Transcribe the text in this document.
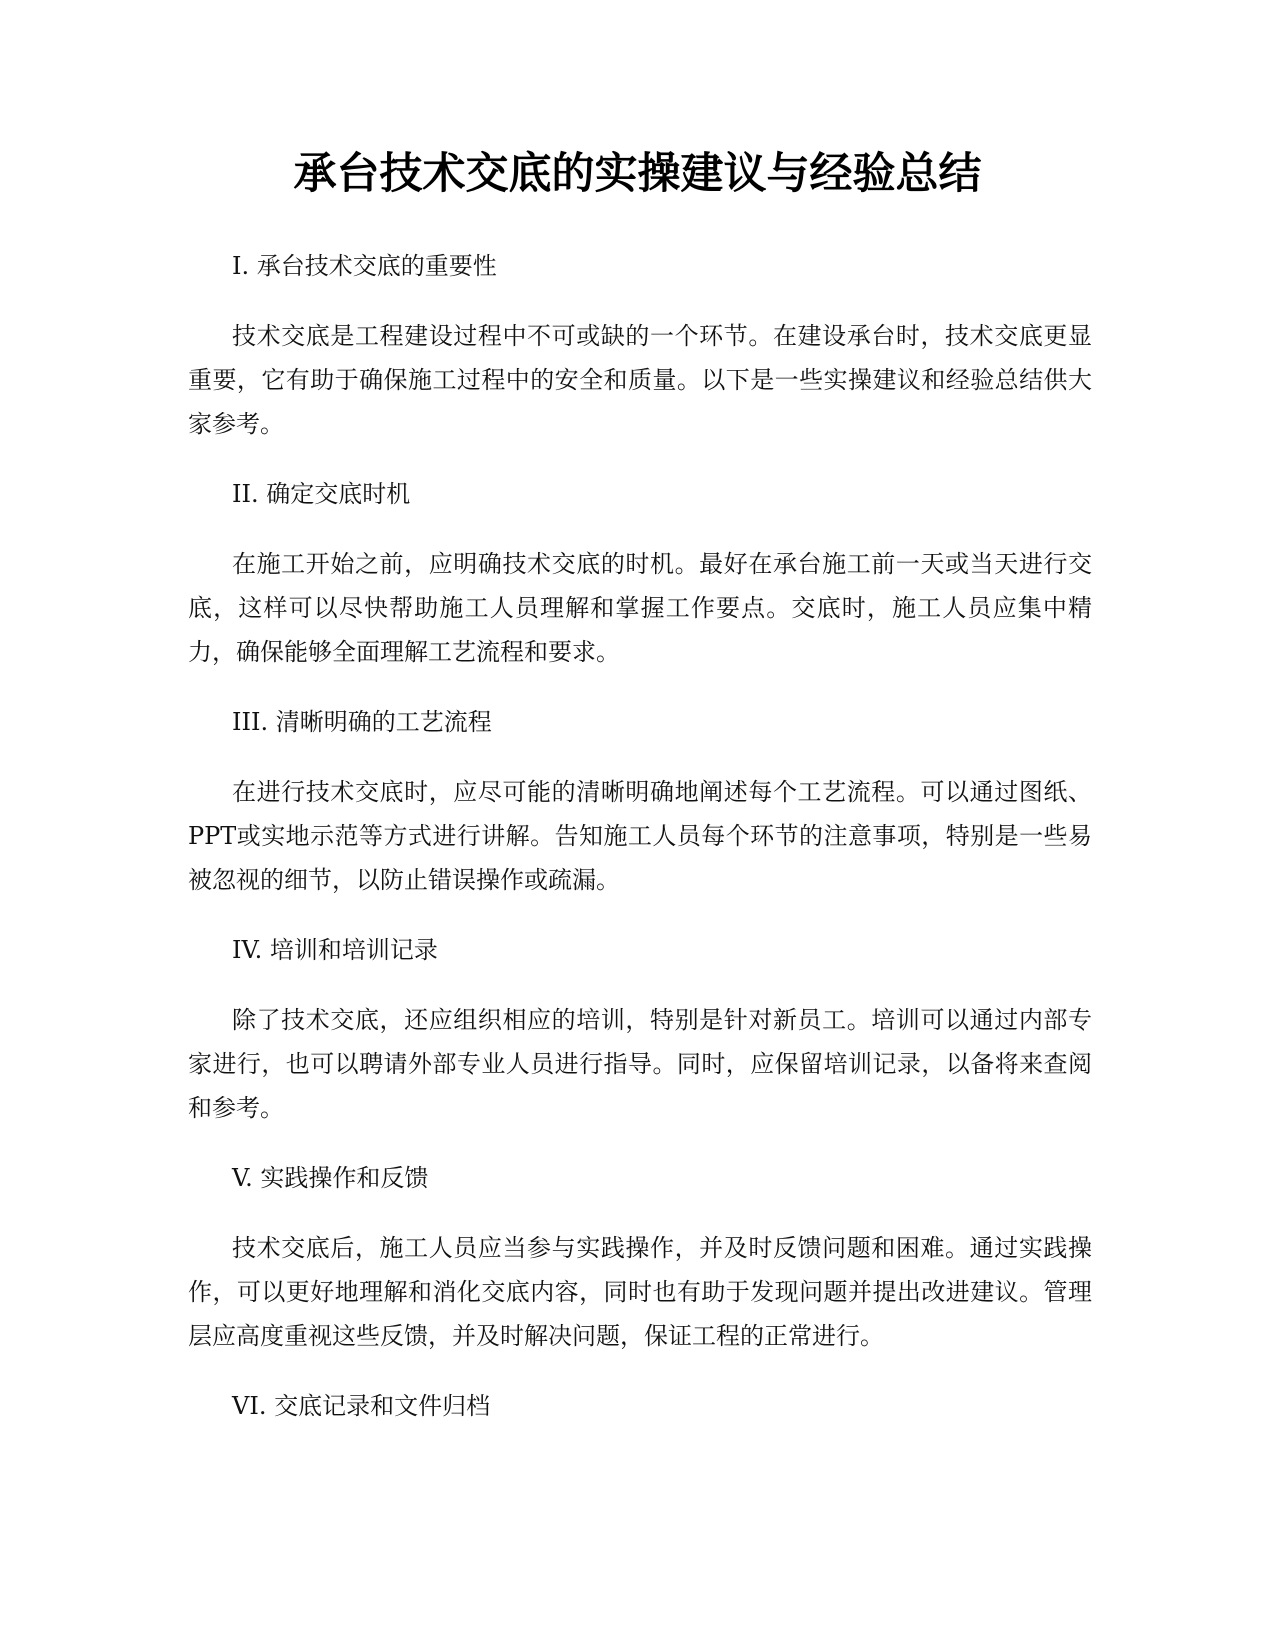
承台技术交底的实操建议与经验总结

I. 承台技术交底的重要性

技术交底是工程建设过程中不可或缺的一个环节。在建设承台时，技术交底更显重要，它有助于确保施工过程中的安全和质量。以下是一些实操建议和经验总结供大家参考。

II. 确定交底时机

在施工开始之前，应明确技术交底的时机。最好在承台施工前一天或当天进行交底，这样可以尽快帮助施工人员理解和掌握工作要点。交底时，施工人员应集中精力，确保能够全面理解工艺流程和要求。

III. 清晰明确的工艺流程

在进行技术交底时，应尽可能的清晰明确地阐述每个工艺流程。可以通过图纸、PPT或实地示范等方式进行讲解。告知施工人员每个环节的注意事项，特别是一些易被忽视的细节，以防止错误操作或疏漏。

IV. 培训和培训记录

除了技术交底，还应组织相应的培训，特别是针对新员工。培训可以通过内部专家进行，也可以聘请外部专业人员进行指导。同时，应保留培训记录，以备将来查阅和参考。

V. 实践操作和反馈

技术交底后，施工人员应当参与实践操作，并及时反馈问题和困难。通过实践操作，可以更好地理解和消化交底内容，同时也有助于发现问题并提出改进建议。管理层应高度重视这些反馈，并及时解决问题，保证工程的正常进行。

VI. 交底记录和文件归档
